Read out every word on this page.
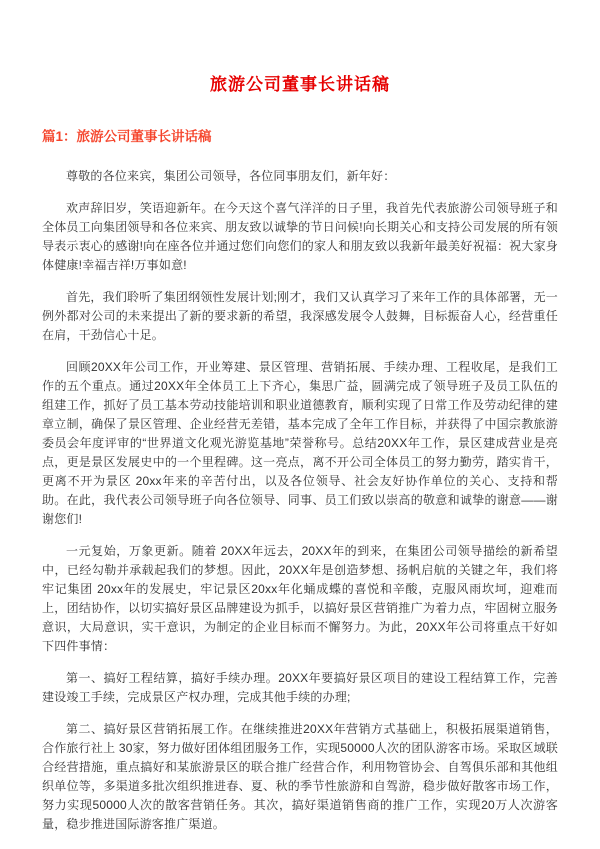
旅游公司董事长讲话稿
篇1：旅游公司董事长讲话稿

尊敬的各位来宾，集团公司领导，各位同事朋友们，新年好：

欢声辞旧岁，笑语迎新年。在今天这个喜气洋洋的日子里，我首先代表旅游公司领导班子和全体员工向集团领导和各位来宾、朋友致以诚挚的节日问候!向长期关心和支持公司发展的所有领导表示衷心的感谢!向在座各位并通过您们向您们的家人和朋友致以我新年最美好祝福：祝大家身体健康!幸福吉祥!万事如意!

首先，我们聆听了集团纲领性发展计划;刚才，我们又认真学习了来年工作的具体部署，无一例外都对公司的未来提出了新的要求新的希望，我深感发展令人鼓舞，目标振奋人心，经营重任在肩，干劲信心十足。

回顾20XX年公司工作，开业筹建、景区管理、营销拓展、手续办理、工程收尾，是我们工作的五个重点。通过20XX年全体员工上下齐心，集思广益，圆满完成了领导班子及员工队伍的组建工作，抓好了员工基本劳动技能培训和职业道德教育，顺利实现了日常工作及劳动纪律的建章立制，确保了景区管理、企业经营无差错，基本完成了全年工作目标，并获得了中国宗教旅游委员会年度评审的“世界道文化观光游览基地”荣誉称号。总结20XX年工作，景区建成营业是亮点，更是景区发展史中的一个里程碑。这一亮点，离不开公司全体员工的努力勤劳，踏实肯干，更离不开为景区 20xx年来的辛苦付出，以及各位领导、社会友好协作单位的关心、支持和帮助。在此，我代表公司领导班子向各位领导、同事、员工们致以崇高的敬意和诚挚的谢意——谢谢您们!

一元复始，万象更新。随着 20XX年远去，20XX年的到来，在集团公司领导描绘的新希望中，已经勾勒并承载起我们的梦想。因此，20XX年是创造梦想、扬帆启航的关键之年，我们将牢记集团 20xx年的发展史，牢记景区20xx年化蛹成蝶的喜悦和辛酸，克服风雨坎坷，迎难而上，团结协作，以切实搞好景区品牌建设为抓手，以搞好景区营销推广为着力点，牢固树立服务意识，大局意识，实干意识，为制定的企业目标而不懈努力。为此，20XX年公司将重点干好如下四件事情：

第一、搞好工程结算，搞好手续办理。20XX年要搞好景区项目的建设工程结算工作，完善建设竣工手续，完成景区产权办理，完成其他手续的办理;

第二、搞好景区营销拓展工作。在继续推进20XX年营销方式基础上，积极拓展渠道销售，合作旅行社上 30家，努力做好团体组团服务工作，实现50000人次的团队游客市场。采取区域联合经营措施，重点搞好和某旅游景区的联合推广经营合作，利用物管协会、自驾俱乐部和其他组织单位等，多渠道多批次组织推进春、夏、秋的季节性旅游和自驾游，稳步做好散客市场工作，努力实现50000人次的散客营销任务。其次，搞好渠道销售商的推广工作，实现20万人次游客量，稳步推进国际游客推广渠道。
